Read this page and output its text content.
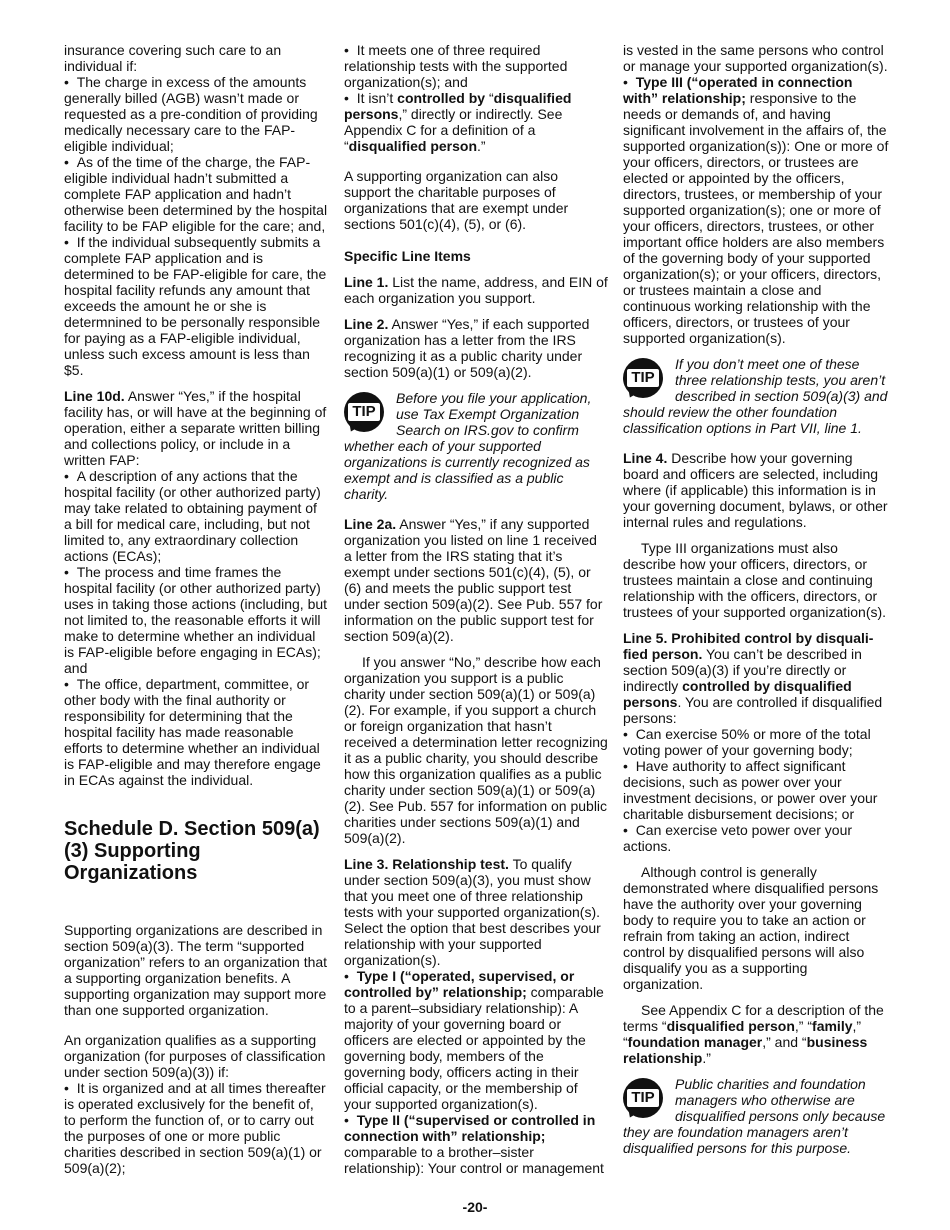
insurance covering such care to an individual if:

•  The charge in excess of the amounts generally billed (AGB) wasn’t made or requested as a pre-condition of providing medically necessary care to the FAP-eligible individual;

•  As of the time of the charge, the FAP-eligible individual hadn’t submitted a complete FAP application and hadn’t otherwise been determined by the hospital facility to be FAP eligible for the care; and,

•  If the individual subsequently submits a complete FAP application and is determined to be FAP-eligible for care, the hospital facility refunds any amount that exceeds the amount he or she is determnined to be personally responsible for paying as a FAP-eligible individual, unless such excess amount is less than $5.

Line 10d. Answer “Yes,” if the hospital facility has, or will have at the beginning of operation, either a separate written billing and collections policy, or include in a written FAP:

•  A description of any actions that the hospital facility (or other authorized party) may take related to obtaining payment of a bill for medical care, including, but not limited to, any extraordinary collection actions (ECAs);

•  The process and time frames the hospital facility (or other authorized party) uses in taking those actions (including, but not limited to, the reasonable efforts it will make to determine whether an individual is FAP-eligible before engaging in ECAs); and

•  The office, department, committee, or other body with the final authority or responsibility for determining that the hospital facility has made reasonable efforts to determine whether an individual is FAP-eligible and may therefore engage in ECAs against the individual.

Schedule D. Section 509(a)(3) Supporting Organizations

Supporting organizations are described in section 509(a)(3). The term “supported organization” refers to an organization that a supporting organization benefits. A supporting organization may support more than one supported organization.

An organization qualifies as a supporting organization (for purposes of classification under section 509(a)(3)) if:

•  It is organized and at all times thereafter is operated exclusively for the benefit of, to perform the function of, or to carry out the purposes of one or more public charities described in section 509(a)(1) or 509(a)(2);

•  It meets one of three required relationship tests with the supported organization(s); and

•  It isn’t controlled by “disqualified persons,” directly or indirectly. See Appendix C for a definition of a “disqualified person.”

A supporting organization can also support the charitable purposes of organizations that are exempt under sections 501(c)(4), (5), or (6).

Specific Line Items

Line 1. List the name, address, and EIN of each organization you support.

Line 2. Answer “Yes,” if each supported organization has a letter from the IRS recognizing it as a public charity under section 509(a)(1) or 509(a)(2).

TIP
Before you file your application, use Tax Exempt Organization Search on IRS.gov to confirm whether each of your supported organizations is currently recognized as exempt and is classified as a public charity.

Line 2a. Answer “Yes,” if any supported organization you listed on line 1 received a letter from the IRS stating that it’s exempt under sections 501(c)(4), (5), or (6) and meets the public support test under section 509(a)(2). See Pub. 557 for information on the public support test for section 509(a)(2).

If you answer “No,” describe how each organization you support is a public charity under section 509(a)(1) or 509(a)(2). For example, if you support a church or foreign organization that hasn’t received a determination letter recognizing it as a public charity, you should describe how this organization qualifies as a public charity under section 509(a)(1) or 509(a)(2). See Pub. 557 for information on public charities under sections 509(a)(1) and 509(a)(2).

Line 3. Relationship test. To qualify under section 509(a)(3), you must show that you meet one of three relationship tests with your supported organization(s). Select the option that best describes your relationship with your supported organization(s).

•  Type I (“operated, supervised, or controlled by” relationship; comparable to a parent–subsidiary relationship): A majority of your governing board or officers are elected or appointed by the governing body, members of the governing body, officers acting in their official capacity, or the membership of your supported organization(s).

•  Type II (“supervised or controlled in connection with” relationship; comparable to a brother–sister relationship): Your control or management

is vested in the same persons who control or manage your supported organization(s).

•  Type III (“operated in connection with” relationship; responsive to the needs or demands of, and having significant involvement in the affairs of, the supported organization(s)): One or more of your officers, directors, or trustees are elected or appointed by the officers, directors, trustees, or membership of your supported organization(s); one or more of your officers, directors, trustees, or other important office holders are also members of the governing body of your supported organization(s); or your officers, directors, or trustees maintain a close and continuous working relationship with the officers, directors, or trustees of your supported organization(s).

TIP
If you don’t meet one of these three relationship tests, you aren’t described in section 509(a)(3) and should review the other foundation classification options in Part VII, line 1.

Line 4. Describe how your governing board and officers are selected, including where (if applicable) this information is in your governing document, bylaws, or other internal rules and regulations.

Type III organizations must also describe how your officers, directors, or trustees maintain a close and continuing relationship with the officers, directors, or trustees of your supported organization(s).

Line 5. Prohibited control by disquali-fied person. You can’t be described in section 509(a)(3) if you’re directly or indirectly controlled by disqualified persons. You are controlled if disqualified persons:

•  Can exercise 50% or more of the total voting power of your governing body;

•  Have authority to affect significant decisions, such as power over your investment decisions, or power over your charitable disbursement decisions; or

•  Can exercise veto power over your actions.

Although control is generally demonstrated where disqualified persons have the authority over your governing body to require you to take an action or refrain from taking an action, indirect control by disqualified persons will also disqualify you as a supporting organization.

See Appendix C for a description of the terms “disqualified person,” “family,” “foundation manager,” and “business relationship.”

TIP
Public charities and foundation managers who otherwise are disqualified persons only because they are foundation managers aren’t disqualified persons for this purpose.
-20-
